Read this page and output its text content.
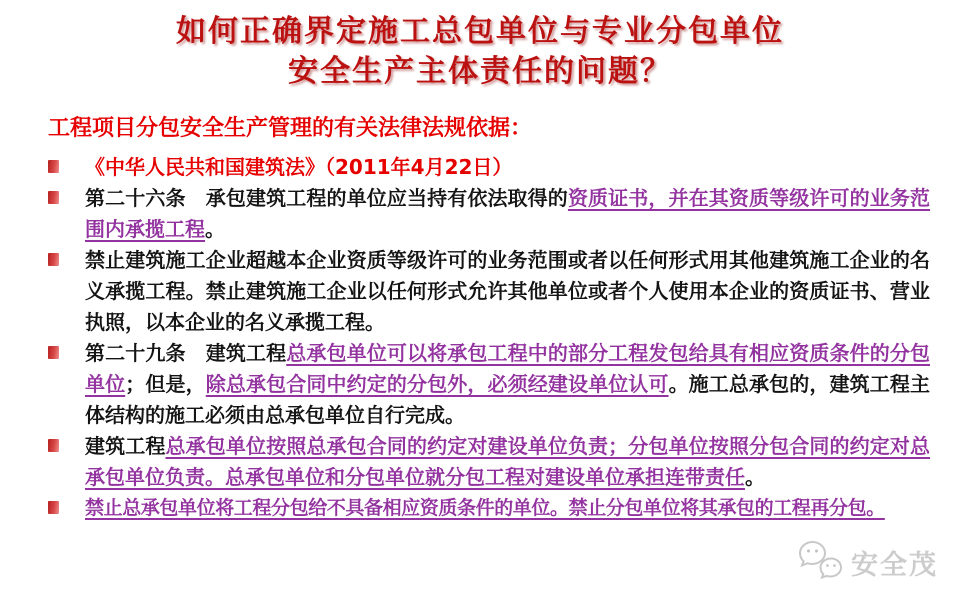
如何正确界定施工总包单位与专业分包单位
安全生产主体责任的问题？
工程项目分包安全生产管理的有关法律法规依据：
《中华人民共和国建筑法》（2011年4月22日）
第二十六条　承包建筑工程的单位应当持有依法取得的资质证书，并在其资质等级许可的业务范围内承揽工程。
禁止建筑施工企业超越本企业资质等级许可的业务范围或者以任何形式用其他建筑施工企业的名义承揽工程。禁止建筑施工企业以任何形式允许其他单位或者个人使用本企业的资质证书、营业执照，以本企业的名义承揽工程。
第二十九条　建筑工程总承包单位可以将承包工程中的部分工程发包给具有相应资质条件的分包单位；但是，除总承包合同中约定的分包外，必须经建设单位认可。施工总承包的，建筑工程主体结构的施工必须由总承包单位自行完成。
建筑工程总承包单位按照总承包合同的约定对建设单位负责；分包单位按照分包合同的约定对总承包单位负责。总承包单位和分包单位就分包工程对建设单位承担连带责任。
禁止总承包单位将工程分包给不具备相应资质条件的单位。禁止分包单位将其承包的工程再分包。
安全茂
